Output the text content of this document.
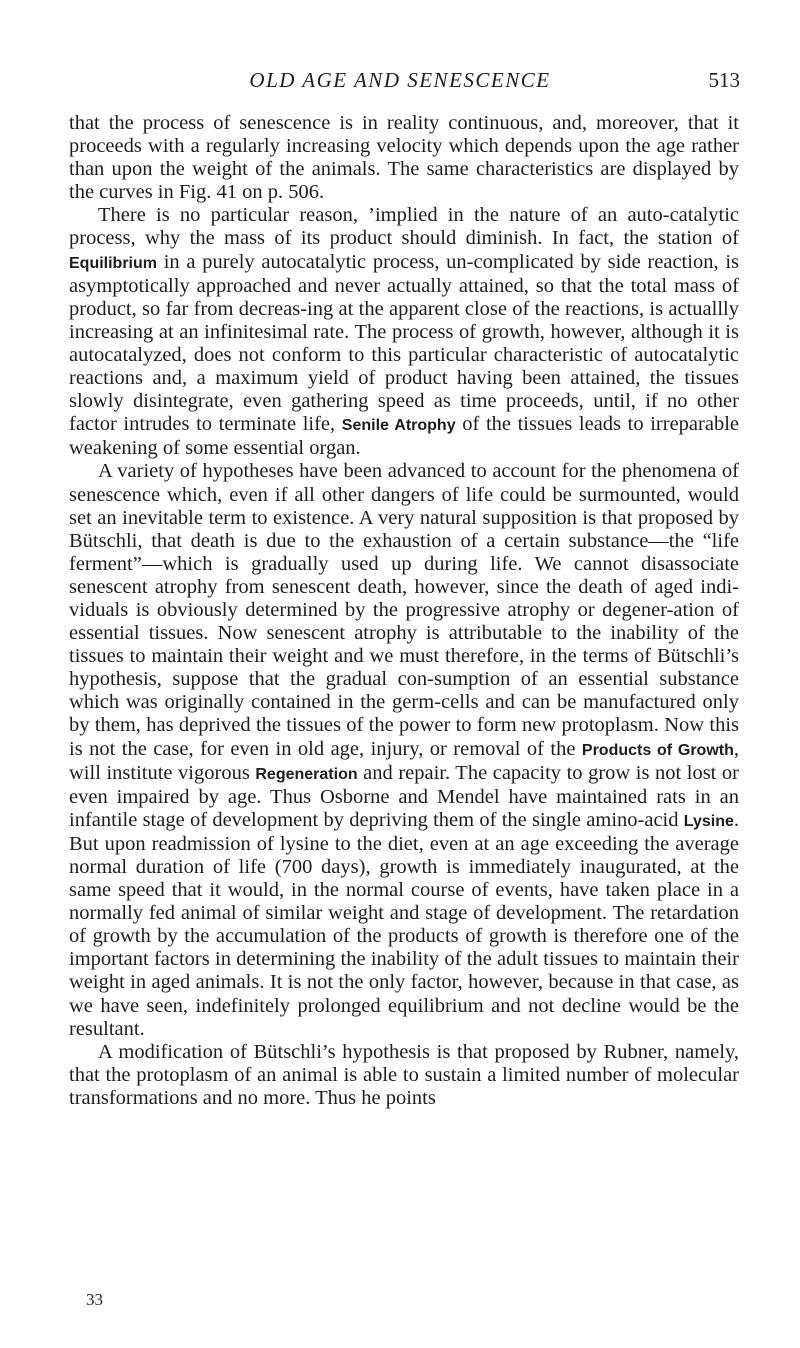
OLD AGE AND SENESCENCE	513

that the process of senescence is in reality continuous, and, moreover, that it proceeds with a regularly increasing velocity which depends upon the age rather than upon the weight of the animals. The same characteristics are displayed by the curves in Fig. 41 on p. 506.

There is no particular reason, ’implied in the nature of an auto-catalytic process, why the mass of its product should diminish. In fact, the station of Equilibrium in a purely autocatalytic process, un-complicated by side reaction, is asymptotically approached and never actually attained, so that the total mass of product, so far from decreas-ing at the apparent close of the reactions, is actuallly increasing at an infinitesimal rate. The process of growth, however, although it is autocatalyzed, does not conform to this particular characteristic of autocatalytic reactions and, a maximum yield of product having been attained, the tissues slowly disintegrate, even gathering speed as time proceeds, until, if no other factor intrudes to terminate life, Senile Atrophy of the tissues leads to irreparable weakening of some essential organ.

A variety of hypotheses have been advanced to account for the phenomena of senescence which, even if all other dangers of life could be surmounted, would set an inevitable term to existence. A very natural supposition is that proposed by Bütschli, that death is due to the exhaustion of a certain substance—the “life ferment”—which is gradually used up during life. We cannot disassociate senescent atrophy from senescent death, however, since the death of aged indi-viduals is obviously determined by the progressive atrophy or degener-ation of essential tissues. Now senescent atrophy is attributable to the inability of the tissues to maintain their weight and we must therefore, in the terms of Bütschli’s hypothesis, suppose that the gradual con-sumption of an essential substance which was originally contained in the germ-cells and can be manufactured only by them, has deprived the tissues of the power to form new protoplasm. Now this is not the case, for even in old age, injury, or removal of the Products of Growth, will institute vigorous Regeneration and repair. The capacity to grow is not lost or even impaired by age. Thus Osborne and Mendel have maintained rats in an infantile stage of development by depriving them of the single amino-acid Lysine. But upon readmission of lysine to the diet, even at an age exceeding the average normal duration of life (700 days), growth is immediately inaugurated, at the same speed that it would, in the normal course of events, have taken place in a normally fed animal of similar weight and stage of development. The retardation of growth by the accumulation of the products of growth is therefore one of the important factors in determining the inability of the adult tissues to maintain their weight in aged animals. It is not the only factor, however, because in that case, as we have seen, indefinitely prolonged equilibrium and not decline would be the resultant.

A modification of Bütschli’s hypothesis is that proposed by Rubner, namely, that the protoplasm of an animal is able to sustain a limited number of molecular transformations and no more. Thus he points

33
